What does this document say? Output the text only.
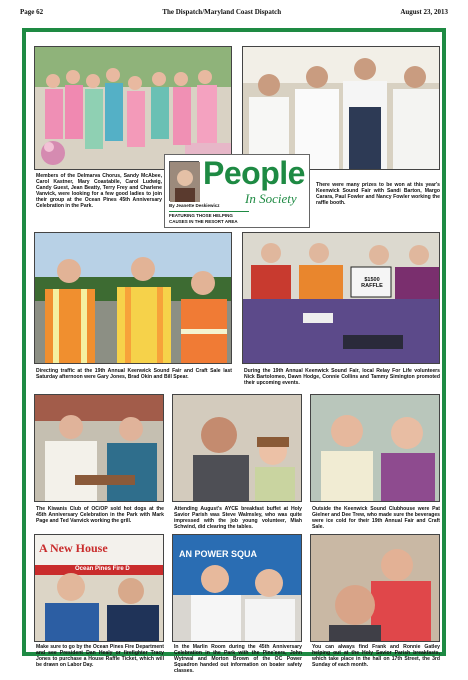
Page 62	The Dispatch/Maryland Coast Dispatch	August 23, 2013
People
In Society
By Jeanette Deskiewicz
FEATURING THOSE HELPING CAUSES IN THE RESORT AREA
Members of the Delmarva Chorus, Sandy McAbee, Carol Kastner, Mary Coastabile, Carol Ludwig, Candy Guest, Jean Beatty, Terry Frey and Charlene Vanvick, were looking for a few good ladies to join their group at the Ocean Pines 45th Anniversary Celebration in the Park.
There were many prizes to be won at this year's Keenwick Sound Fair with Sandi Barton, Margo Carara, Paul Fowler and Nancy Fowler working the raffle booth.
$1500 RAFFLE
Directing traffic at the 19th Annual Keenwick Sound Fair and Craft Sale last Saturday afternoon were Gary Jones, Brad Okin and Bill Spear.
During the 19th Annual Keenwick Sound Fair, local Relay For Life volunteers Nick Bartolomeo, Dawn Hodge, Connie Collins and Tammy Simington promoted their upcoming events.
The Kiwanis Club of OC/OP sold hot dogs at the 45th Anniversary Celebration in the Park with Mark Page and Ted Vanvick working the grill.
Attending August's AYCE breakfast buffet at Holy Savior Parish was Steve Walmsley, who was quite impressed with the job young volunteer, Miah Schwind, did clearing the tables.
Outside the Keenwick Sound Clubhouse were Pat Gielner and Dee Trew, who made sure the beverages were ice cold for their 19th Annual Fair and Craft Sale.
A New House
Ocean Pines Fire D
AN POWER SQUA
Make sure to go by the Ocean Pines Fire Department and see President Dan Healy or firefighter Tracy Jones to purchase a House Raffle Ticket, which will be drawn on Labor Day.
In the Marlin Room during the 45th Anniversary Celebration in the Park with the Pine'eers, John Wytrwal and Morton Brown of the OC Power Squadron handed out information on boater safety classes.
You can always find Frank and Ronnie Gatley helping out at the Holy Savior Parish breakfasts, which take place in the hall on 17th Street, the 3rd Sunday of each month.
